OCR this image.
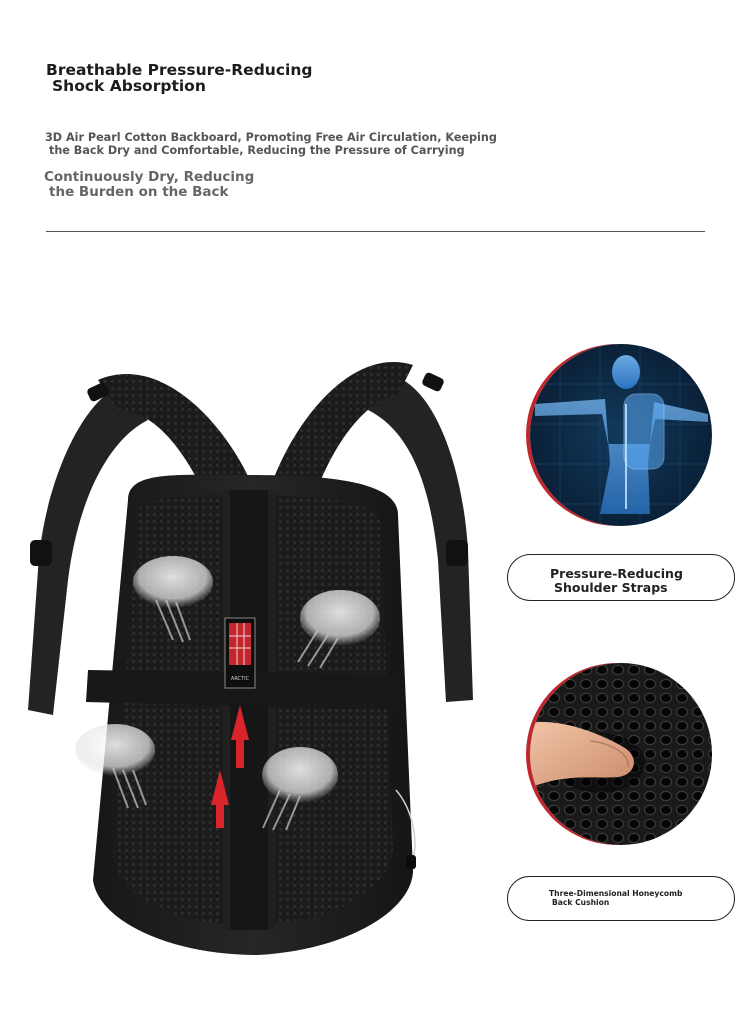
Breathable Pressure-Reducing
Shock Absorption

3D Air Pearl Cotton Backboard, Promoting Free Air Circulation, Keeping
the Back Dry and Comfortable, Reducing the Pressure of Carrying

Continuously Dry, Reducing
the Burden on the Back

ARCTIC
Pressure-Reducing
Shoulder Straps
Three-Dimensional Honeycomb
Back Cushion
